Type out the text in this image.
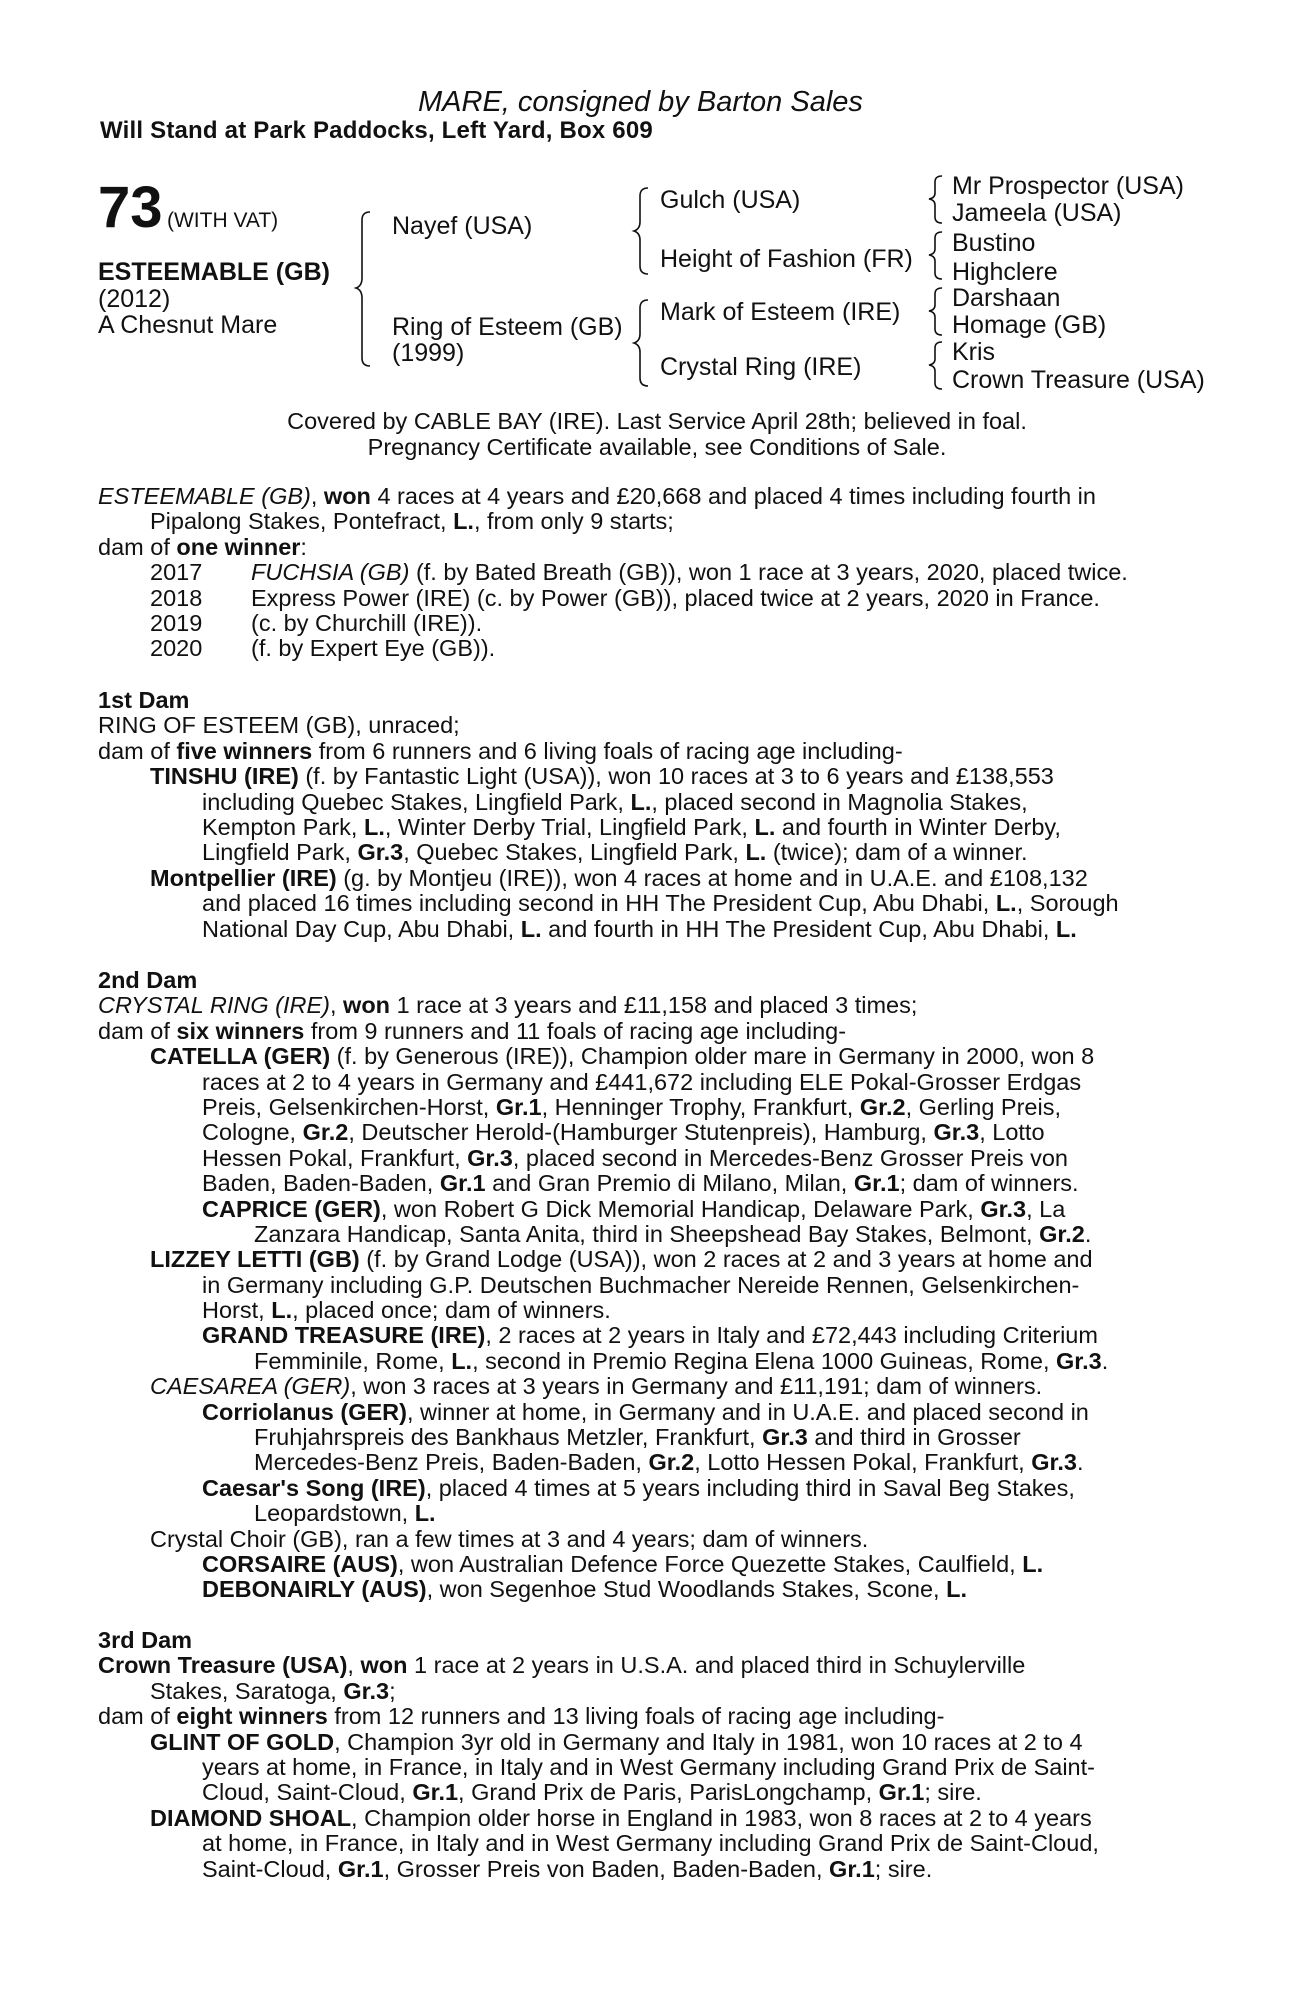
MARE, consigned by Barton Sales
Will Stand at Park Paddocks, Left Yard, Box 609
73 (WITH VAT)
ESTEEMABLE (GB)
(2012)
A Chesnut Mare
Nayef (USA)
Ring of Esteem (GB)
(1999)
Gulch (USA)
Height of Fashion (FR)
Mark of Esteem (IRE)
Crystal Ring (IRE)
Mr Prospector (USA)
Jameela (USA)
Bustino
Highclere
Darshaan
Homage (GB)
Kris
Crown Treasure (USA)
Covered by CABLE BAY (IRE). Last Service April 28th; believed in foal.
Pregnancy Certificate available, see Conditions of Sale.
ESTEEMABLE (GB), won 4 races at 4 years and £20,668 and placed 4 times including fourth in
Pipalong Stakes, Pontefract, L., from only 9 starts;
dam of one winner:
2017 FUCHSIA (GB) (f. by Bated Breath (GB)), won 1 race at 3 years, 2020, placed twice.
2018 Express Power (IRE) (c. by Power (GB)), placed twice at 2 years, 2020 in France.
2019 (c. by Churchill (IRE)).
2020 (f. by Expert Eye (GB)).
1st Dam
RING OF ESTEEM (GB), unraced;
dam of five winners from 6 runners and 6 living foals of racing age including-
TINSHU (IRE) (f. by Fantastic Light (USA)), won 10 races at 3 to 6 years and £138,553
including Quebec Stakes, Lingfield Park, L., placed second in Magnolia Stakes,
Kempton Park, L., Winter Derby Trial, Lingfield Park, L. and fourth in Winter Derby,
Lingfield Park, Gr.3, Quebec Stakes, Lingfield Park, L. (twice); dam of a winner.
Montpellier (IRE) (g. by Montjeu (IRE)), won 4 races at home and in U.A.E. and £108,132
and placed 16 times including second in HH The President Cup, Abu Dhabi, L., Sorough
National Day Cup, Abu Dhabi, L. and fourth in HH The President Cup, Abu Dhabi, L.
2nd Dam
CRYSTAL RING (IRE), won 1 race at 3 years and £11,158 and placed 3 times;
dam of six winners from 9 runners and 11 foals of racing age including-
CATELLA (GER) (f. by Generous (IRE)), Champion older mare in Germany in 2000, won 8
races at 2 to 4 years in Germany and £441,672 including ELE Pokal-Grosser Erdgas
Preis, Gelsenkirchen-Horst, Gr.1, Henninger Trophy, Frankfurt, Gr.2, Gerling Preis,
Cologne, Gr.2, Deutscher Herold-(Hamburger Stutenpreis), Hamburg, Gr.3, Lotto
Hessen Pokal, Frankfurt, Gr.3, placed second in Mercedes-Benz Grosser Preis von
Baden, Baden-Baden, Gr.1 and Gran Premio di Milano, Milan, Gr.1; dam of winners.
CAPRICE (GER), won Robert G Dick Memorial Handicap, Delaware Park, Gr.3, La
Zanzara Handicap, Santa Anita, third in Sheepshead Bay Stakes, Belmont, Gr.2.
LIZZEY LETTI (GB) (f. by Grand Lodge (USA)), won 2 races at 2 and 3 years at home and
in Germany including G.P. Deutschen Buchmacher Nereide Rennen, Gelsenkirchen-
Horst, L., placed once; dam of winners.
GRAND TREASURE (IRE), 2 races at 2 years in Italy and £72,443 including Criterium
Femminile, Rome, L., second in Premio Regina Elena 1000 Guineas, Rome, Gr.3.
CAESAREA (GER), won 3 races at 3 years in Germany and £11,191; dam of winners.
Corriolanus (GER), winner at home, in Germany and in U.A.E. and placed second in
Fruhjahrspreis des Bankhaus Metzler, Frankfurt, Gr.3 and third in Grosser
Mercedes-Benz Preis, Baden-Baden, Gr.2, Lotto Hessen Pokal, Frankfurt, Gr.3.
Caesar's Song (IRE), placed 4 times at 5 years including third in Saval Beg Stakes,
Leopardstown, L.
Crystal Choir (GB), ran a few times at 3 and 4 years; dam of winners.
CORSAIRE (AUS), won Australian Defence Force Quezette Stakes, Caulfield, L.
DEBONAIRLY (AUS), won Segenhoe Stud Woodlands Stakes, Scone, L.
3rd Dam
Crown Treasure (USA), won 1 race at 2 years in U.S.A. and placed third in Schuylerville
Stakes, Saratoga, Gr.3;
dam of eight winners from 12 runners and 13 living foals of racing age including-
GLINT OF GOLD, Champion 3yr old in Germany and Italy in 1981, won 10 races at 2 to 4
years at home, in France, in Italy and in West Germany including Grand Prix de Saint-
Cloud, Saint-Cloud, Gr.1, Grand Prix de Paris, ParisLongchamp, Gr.1; sire.
DIAMOND SHOAL, Champion older horse in England in 1983, won 8 races at 2 to 4 years
at home, in France, in Italy and in West Germany including Grand Prix de Saint-Cloud,
Saint-Cloud, Gr.1, Grosser Preis von Baden, Baden-Baden, Gr.1; sire.
